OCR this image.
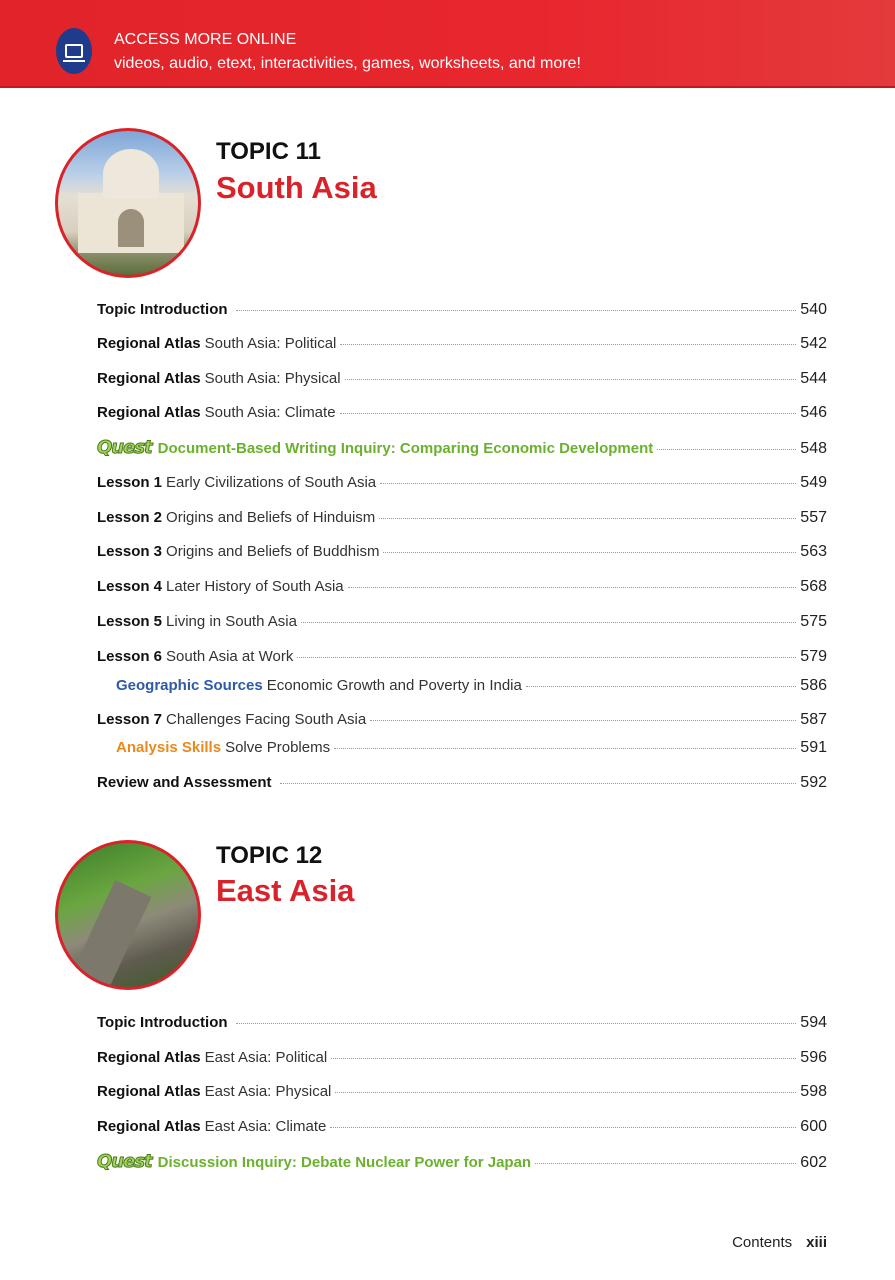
ACCESS MORE ONLINE
videos, audio, etext, interactivities, games, worksheets, and more!
TOPIC 11
South Asia
TOPIC 12
East Asia
Topic Introduction	540
Regional Atlas South Asia: Political	542
Regional Atlas South Asia: Physical	544
Regional Atlas South Asia: Climate	546
Quest Document-Based Writing Inquiry: Comparing Economic Development	548
Lesson 1 Early Civilizations of South Asia	549
Lesson 2 Origins and Beliefs of Hinduism	557
Lesson 3 Origins and Beliefs of Buddhism	563
Lesson 4 Later History of South Asia	568
Lesson 5 Living in South Asia	575
Lesson 6 South Asia at Work	579
Geographic Sources Economic Growth and Poverty in India	586
Lesson 7 Challenges Facing South Asia	587
Analysis Skills Solve Problems	591
Review and Assessment	592
Topic Introduction	594
Regional Atlas East Asia: Political	596
Regional Atlas East Asia: Physical	598
Regional Atlas East Asia: Climate	600
Quest Discussion Inquiry: Debate Nuclear Power for Japan	602
Contents xiii
